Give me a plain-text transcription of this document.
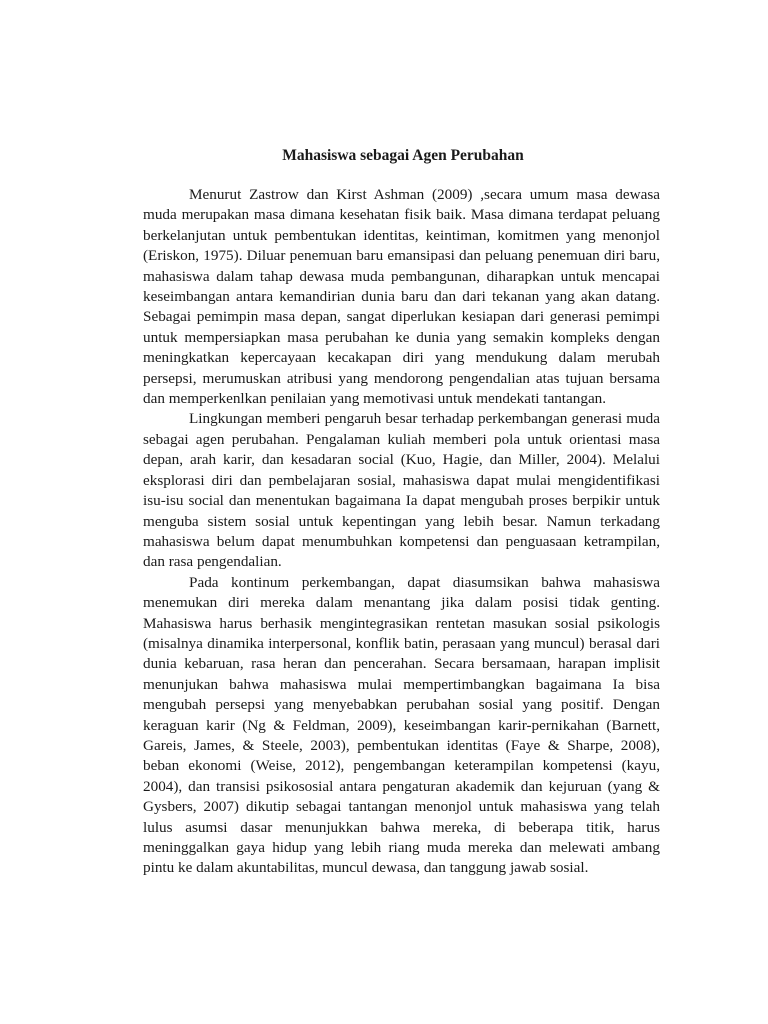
Mahasiswa sebagai Agen Perubahan

Menurut Zastrow dan Kirst Ashman (2009) ,secara umum masa dewasa muda merupakan masa dimana kesehatan fisik baik. Masa dimana terdapat peluang berkelanjutan untuk pembentukan identitas, keintiman, komitmen yang menonjol (Eriskon, 1975). Diluar penemuan baru emansipasi dan peluang penemuan diri baru, mahasiswa dalam tahap dewasa muda pembangunan, diharapkan untuk mencapai keseimbangan antara kemandirian dunia baru dan dari tekanan yang akan datang. Sebagai pemimpin masa depan, sangat diperlukan kesiapan dari generasi pemimpi untuk mempersiapkan masa perubahan ke dunia yang semakin kompleks dengan meningkatkan kepercayaan kecakapan diri yang mendukung dalam merubah persepsi, merumuskan atribusi yang mendorong pengendalian atas tujuan bersama dan memperkenlkan penilaian yang memotivasi untuk mendekati tantangan.

Lingkungan memberi pengaruh besar terhadap perkembangan generasi muda sebagai agen perubahan. Pengalaman kuliah memberi pola untuk orientasi masa depan, arah karir, dan kesadaran social (Kuo, Hagie, dan Miller, 2004). Melalui eksplorasi diri dan pembelajaran sosial, mahasiswa dapat mulai mengidentifikasi isu-isu social dan menentukan bagaimana Ia dapat mengubah proses berpikir untuk menguba sistem sosial untuk kepentingan yang lebih besar. Namun terkadang mahasiswa belum dapat menumbuhkan kompetensi dan penguasaan ketrampilan, dan rasa pengendalian.

Pada kontinum perkembangan, dapat diasumsikan bahwa mahasiswa menemukan diri mereka dalam menantang jika dalam posisi tidak genting. Mahasiswa harus berhasik mengintegrasikan rentetan masukan sosial psikologis (misalnya dinamika interpersonal, konflik batin, perasaan yang muncul) berasal dari dunia kebaruan, rasa heran dan pencerahan. Secara bersamaan, harapan implisit menunjukan bahwa mahasiswa mulai mempertimbangkan bagaimana Ia bisa mengubah persepsi yang menyebabkan perubahan sosial yang positif. Dengan keraguan karir (Ng & Feldman, 2009), keseimbangan karir-pernikahan (Barnett, Gareis, James, & Steele, 2003), pembentukan identitas (Faye & Sharpe, 2008), beban ekonomi (Weise, 2012), pengembangan keterampilan kompetensi (kayu, 2004), dan transisi psikososial antara pengaturan akademik dan kejuruan (yang & Gysbers, 2007) dikutip sebagai tantangan menonjol untuk mahasiswa yang telah lulus asumsi dasar menunjukkan bahwa mereka, di beberapa titik, harus meninggalkan gaya hidup yang lebih riang muda mereka dan melewati ambang pintu ke dalam akuntabilitas, muncul dewasa, dan tanggung jawab sosial.
